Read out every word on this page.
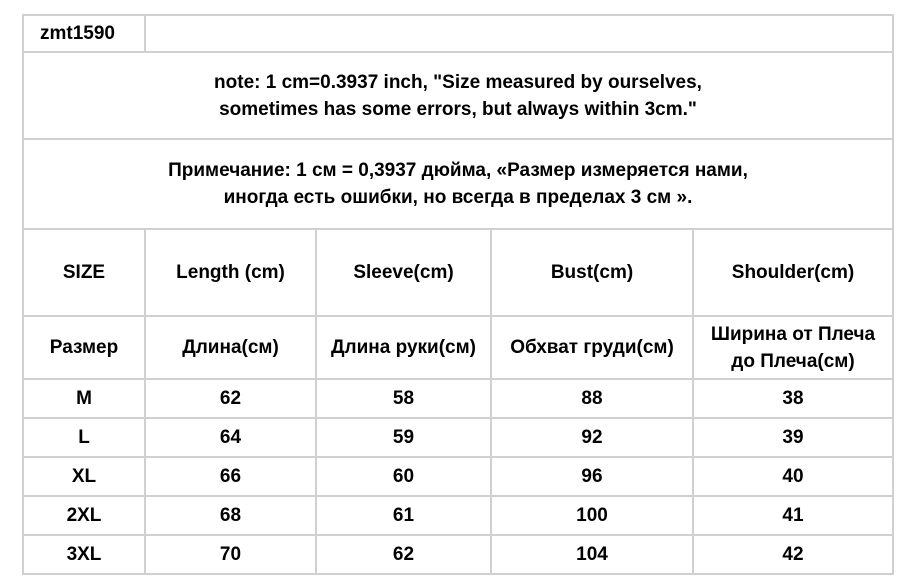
zmt1590				

note: 1 cm=0.3937 inch, "Size measured by ourselves,
sometimes has some errors, but always within 3cm."				

Примечание: 1 см = 0,3937 дюйма, «Размер измеряется нами,
иногда есть ошибки, но всегда в пределах 3 см ».				

SIZE	Length (cm)	Sleeve(cm)	Bust(cm)	Shoulder(cm)
Размер	Длина(см)	Длина руки(см)	Обхват груди(см)	Ширина от Плеча
до Плеча(см)

M	62	58	88	38
L	64	59	92	39
XL	66	60	96	40
2XL	68	61	100	41
3XL	70	62	104	42
